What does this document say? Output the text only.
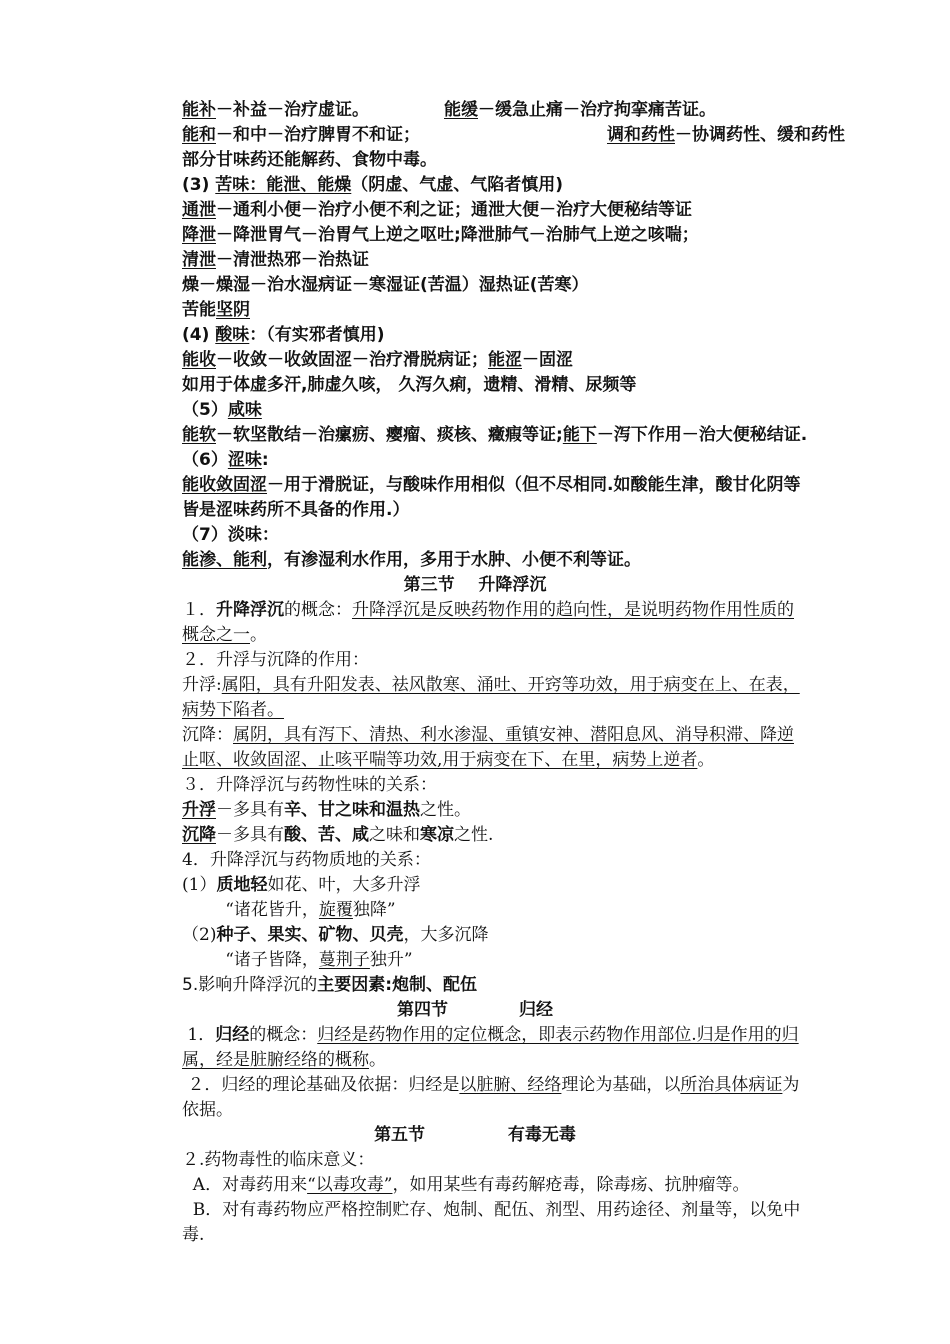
能补－补益－治疗虚证。	能缓－缓急止痛－治疗拘挛痛苦证。
能和－和中－治疗脾胃不和证；	调和药性－协调药性、缓和药性
部分甘味药还能解药、食物中毒。
(3) 苦味：能泄、能燥（阴虚、气虚、气陷者慎用)
通泄－通利小便－治疗小便不利之证；通泄大便－治疗大便秘结等证
降泄－降泄胃气－治胃气上逆之呕吐;降泄肺气－治肺气上逆之咳喘；
清泄－清泄热邪－治热证
燥－燥湿－治水湿病证－寒湿证(苦温）湿热证(苦寒）
苦能坚阴
(4) 酸味：（有实邪者慎用)
能收－收敛－收敛固涩－治疗滑脱病证；能涩－固涩
如用于体虚多汗,肺虚久咳， 久泻久痢，遗精、滑精、尿频等
（5）咸味
能软－软坚散结－治瘰疬、瘿瘤、痰核、癥瘕等证;能下－泻下作用－治大便秘结证.
（6）涩味:
能收敛固涩－用于滑脱证，与酸味作用相似（但不尽相同.如酸能生津，酸甘化阴等
皆是涩味药所不具备的作用.）
（7）淡味：
能渗、能利，有渗湿利水作用，多用于水肿、小便不利等证。
第三节    升降浮沉
１．升降浮沉的概念：升降浮沉是反映药物作用的趋向性，是说明药物作用性质的
概念之一。
２．升浮与沉降的作用：
升浮:属阳，具有升阳发表、祛风散寒、涌吐、开窍等功效，用于病变在上、在表，
病势下陷者。
沉降：属阴，具有泻下、清热、利水渗湿、重镇安神、潜阳息风、消导积滞、降逆
止呕、收敛固涩、止咳平喘等功效,用于病变在下、在里，病势上逆者。
３．升降浮沉与药物性味的关系：
升浮－多具有辛、甘之味和温热之性。
沉降－多具有酸、苦、咸之味和寒凉之性.
4．升降浮沉与药物质地的关系：
(1）质地轻如花、叶，大多升浮
“诸花皆升，旋覆独降”
（2)种子、果实、矿物、贝壳，大多沉降
“诸子皆降，蔓荆子独升”
5.影响升降浮沉的主要因素:炮制、配伍
第四节            归经
1．归经的概念：归经是药物作用的定位概念，即表示药物作用部位.归是作用的归
属，经是脏腑经络的概称。
２．归经的理论基础及依据：归经是以脏腑、经络理论为基础，以所治具体病证为
依据。
第五节              有毒无毒
２.药物毒性的临床意义：
A．对毒药用来“以毒攻毒”，如用某些有毒药解疮毒，除毒疡、抗肿瘤等。
B．对有毒药物应严格控制贮存、炮制、配伍、剂型、用药途径、剂量等，以免中
毒.
